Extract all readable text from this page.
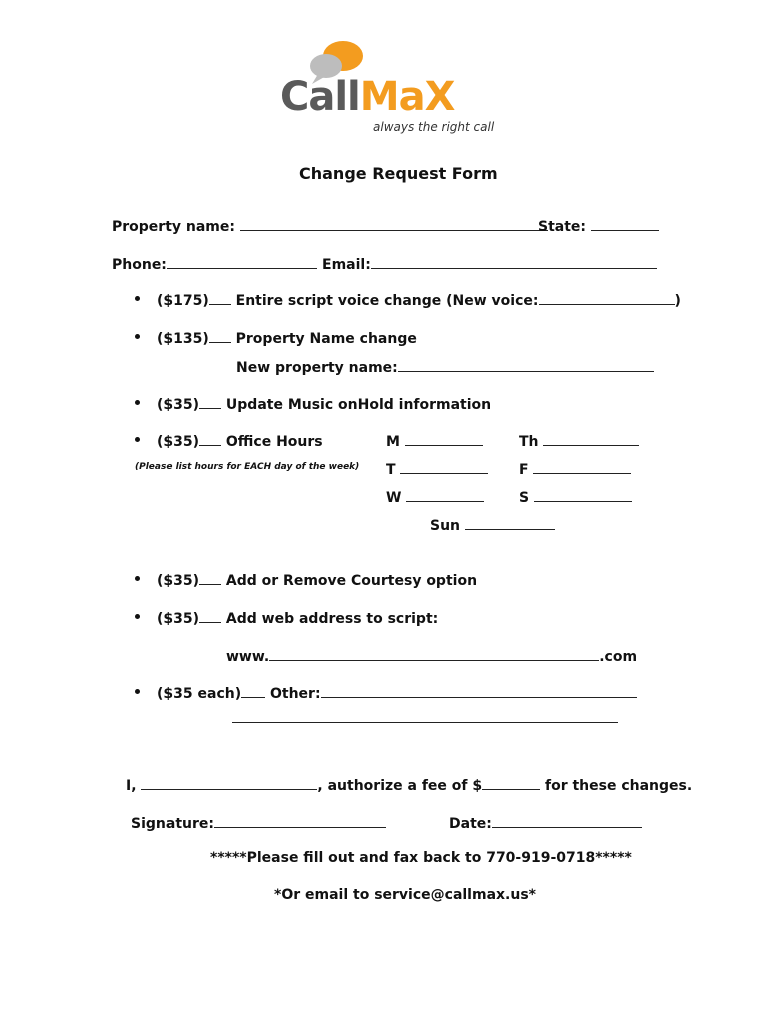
CallMaX
always the right call
Change Request Form
Property name:	State:
Phone:	Email:
($175) Entire script voice change (New voice:	)
($135) Property Name change
New property name:
($35) Update Music onHold information
($35) Office Hours
(Please list hours for EACH day of the week)
M	Th
T	F
W	S
Sun
($35) Add or Remove Courtesy option
($35) Add web address to script:
www.	.com
($35 each) Other:
I,	, authorize a fee of $	for these changes.
Signature:	Date:
*****Please fill out and fax back to 770-919-0718*****
*Or email to service@callmax.us*
